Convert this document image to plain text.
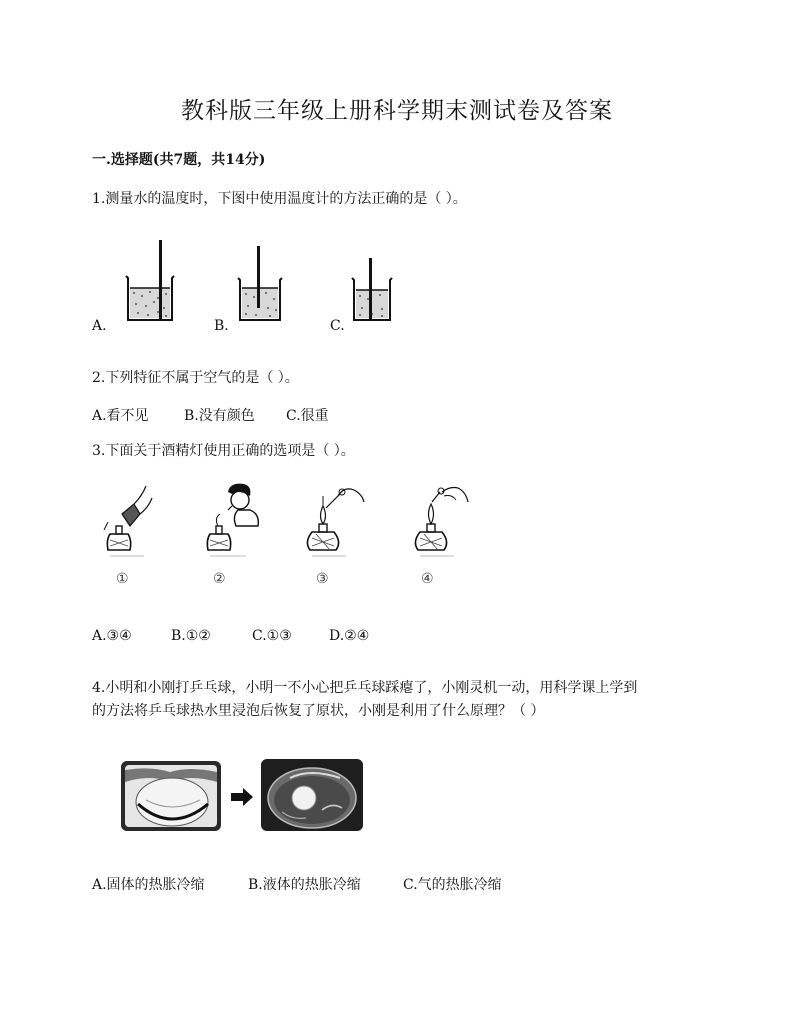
教科版三年级上册科学期末测试卷及答案
一.选择题(共7题，共14分)
1.测量水的温度时，下图中使用温度计的方法正确的是（ ）。
A.	B.	C.
2.下列特征不属于空气的是（ ）。
A.看不见	B.没有颜色 C.很重
3.下面关于酒精灯使用正确的选项是（ ）。
①	②	③	④
A.③④	B.①②	C.①③	D.②④
4.小明和小刚打乒乓球，小明一不小心把乒乓球踩瘪了，小刚灵机一动，用科学课上学到
的方法将乒乓球热水里浸泡后恢复了原状，小刚是利用了什么原理？（ ）
A.固体的热胀冷缩	B.液体的热胀冷缩	C.气的热胀冷缩
